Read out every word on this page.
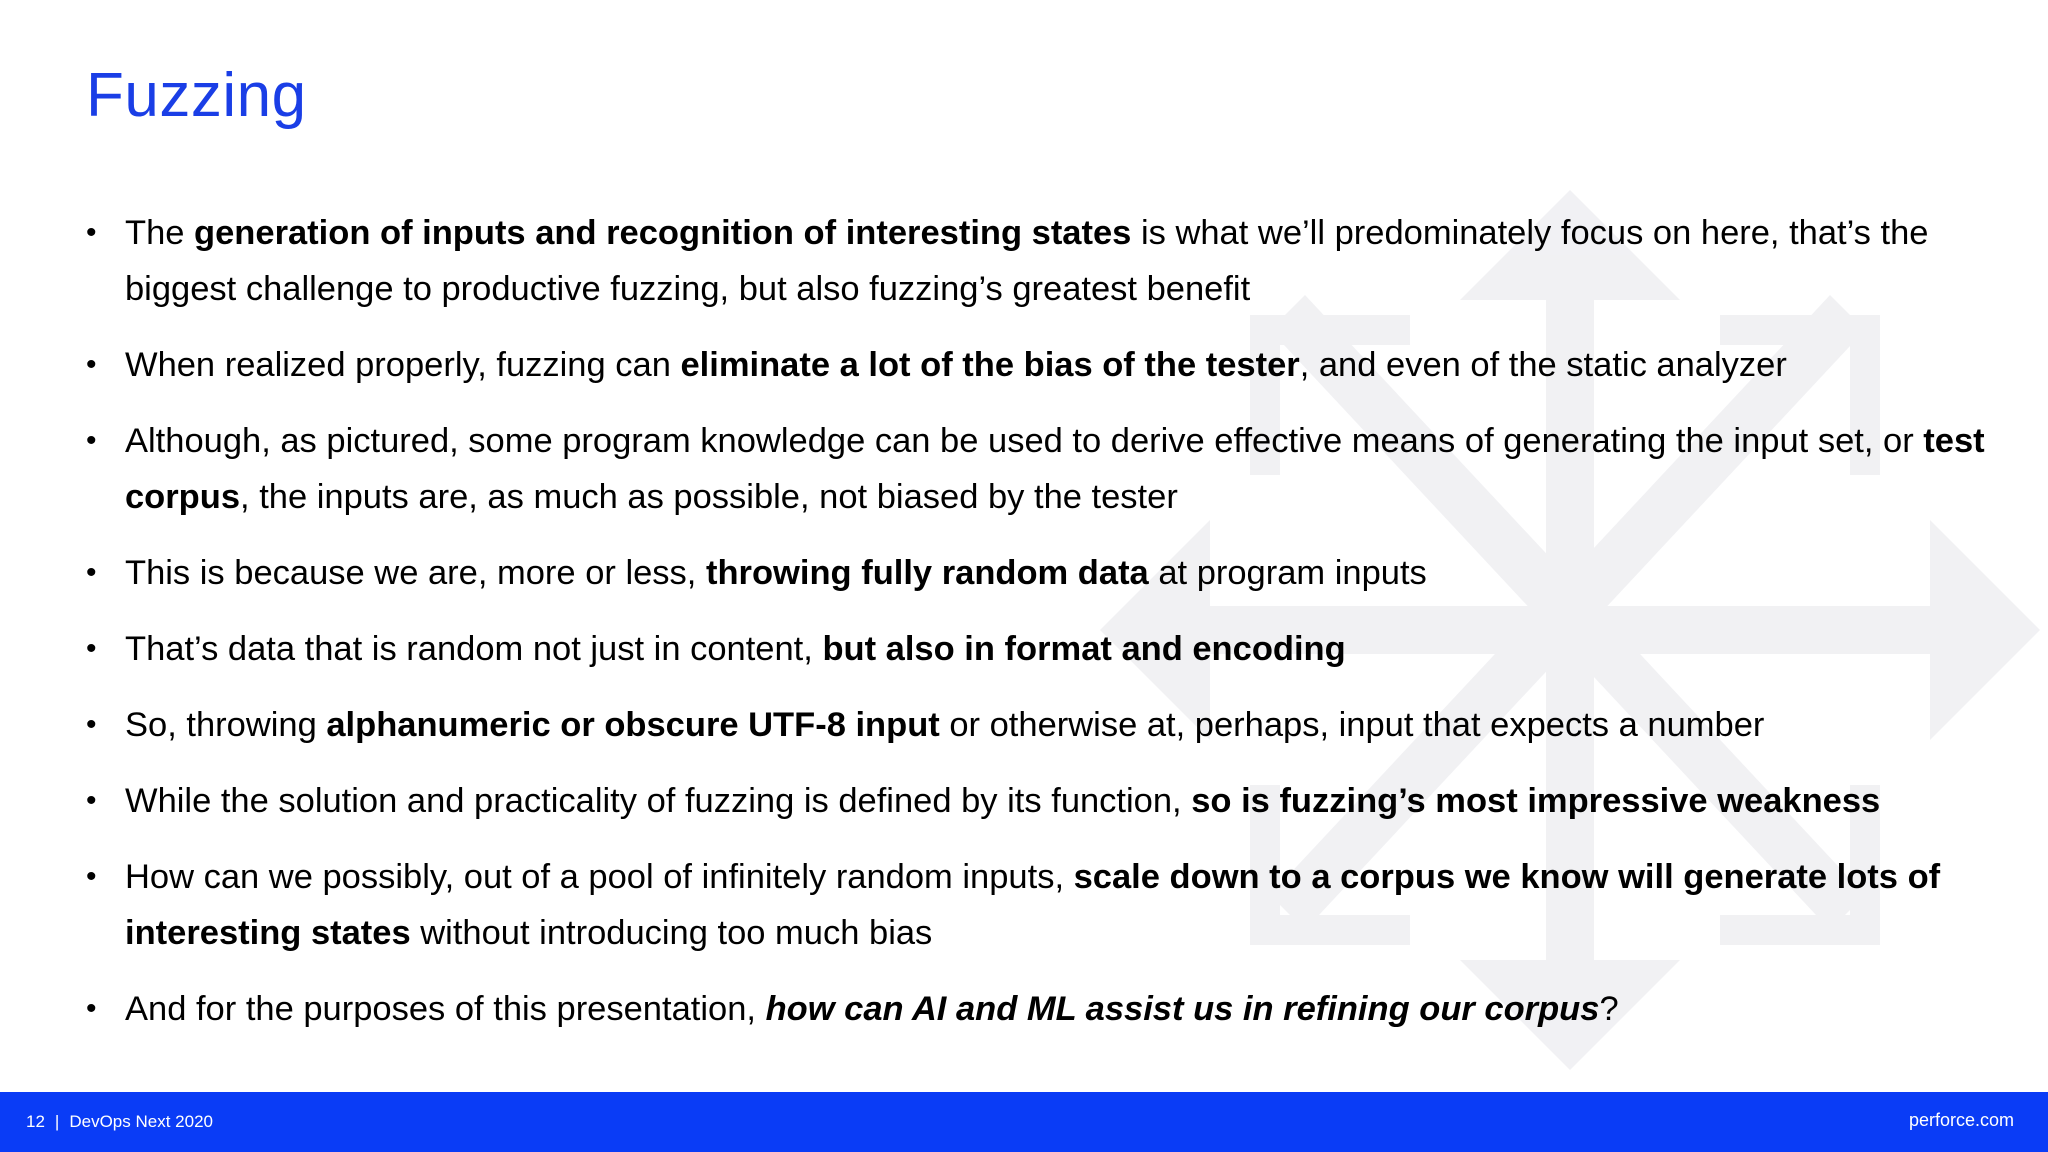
Fuzzing
• The generation of inputs and recognition of interesting states is what we’ll predominately focus on here, that’s the biggest challenge to productive fuzzing, but also fuzzing’s greatest benefit
• When realized properly, fuzzing can eliminate a lot of the bias of the tester, and even of the static analyzer
• Although, as pictured, some program knowledge can be used to derive effective means of generating the input set, or test corpus, the inputs are, as much as possible, not biased by the tester
• This is because we are, more or less, throwing fully random data at program inputs
• That’s data that is random not just in content, but also in format and encoding
• So, throwing alphanumeric or obscure UTF-8 input or otherwise at, perhaps, input that expects a number
• While the solution and practicality of fuzzing is defined by its function, so is fuzzing’s most impressive weakness
• How can we possibly, out of a pool of infinitely random inputs, scale down to a corpus we know will generate lots of interesting states without introducing too much bias
• And for the purposes of this presentation, how can AI and ML assist us in refining our corpus?
12 | DevOps Next 2020	perforce.com
